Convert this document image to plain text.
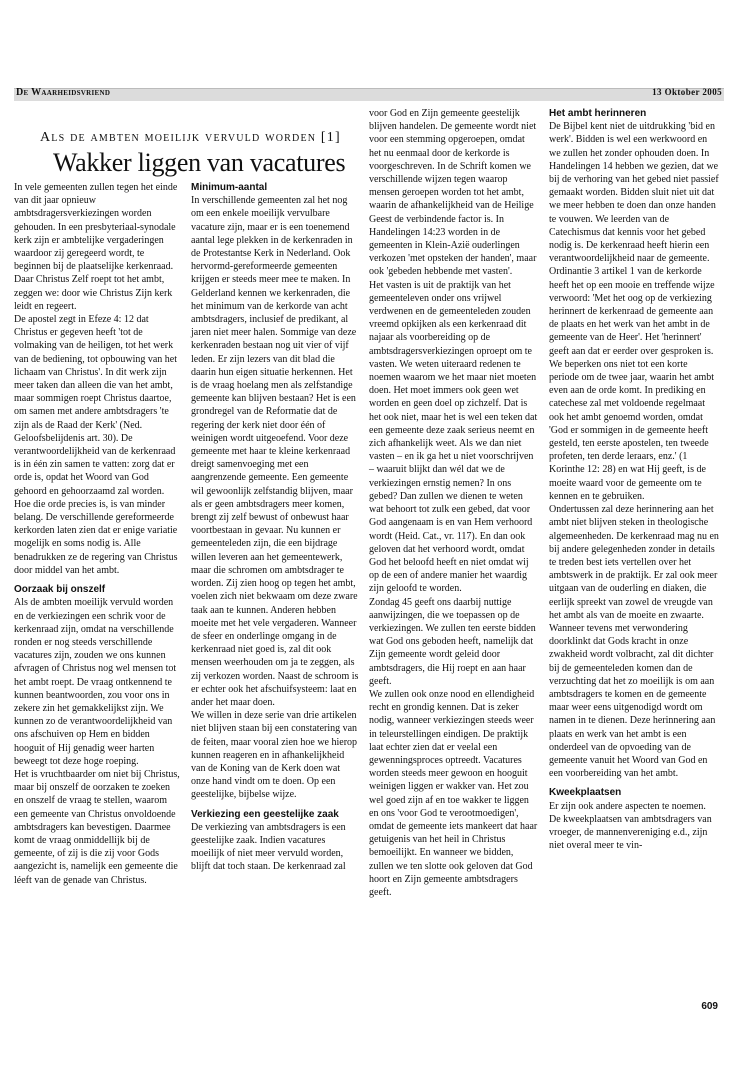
De Waarheidsvriend	13 Oktober 2005
Als de ambten moeilijk vervuld worden [1]
Wakker liggen van vacatures

In vele gemeenten zullen tegen het einde van dit jaar opnieuw ambtsdragersverkiezingen worden gehouden. In een presbyteriaal-synodale kerk zijn er ambtelijke vergaderingen waardoor zij geregeerd wordt, te beginnen bij de plaatselijke kerkenraad. Daar Christus Zelf roept tot het ambt, zeggen we: door wie Christus Zijn kerk leidt en regeert.

De apostel zegt in Efeze 4: 12 dat Christus er gegeven heeft 'tot de volmaking van de heiligen, tot het werk van de bediening, tot opbouwing van het lichaam van Christus'. In dit werk zijn meer taken dan alleen die van het ambt, maar sommigen roept Christus daartoe, om samen met andere ambtsdragers 'te zijn als de Raad der Kerk' (Ned. Geloofsbelijdenis art. 30). De verantwoordelijkheid van de kerkenraad is in één zin samen te vatten: zorg dat er orde is, opdat het Woord van God gehoord en gehoorzaamd zal worden. Hoe die orde precies is, is van minder belang. De verschillende gereformeerde kerkorden laten zien dat er enige variatie mogelijk en soms nodig is. Alle benadrukken ze de regering van Christus door middel van het ambt.

Oorzaak bij onszelf

Als de ambten moeilijk vervuld worden en de verkiezingen een schrik voor de kerkenraad zijn, omdat na verschillende ronden er nog steeds verschillende vacatures zijn, zouden we ons kunnen afvragen of Christus nog wel mensen tot het ambt roept. De vraag ontkennend te kunnen beantwoorden, zou voor ons in zekere zin het gemakkelijkst zijn. We kunnen zo de verantwoordelijkheid van ons afschuiven op Hem en bidden hooguit of Hij genadig weer harten beweegt tot deze hoge roeping.

Het is vruchtbaarder om niet bij Christus, maar bij onszelf de oorzaken te zoeken en onszelf de vraag te stellen, waarom een gemeente van Christus onvoldoende ambtsdragers kan bevestigen. Daarmee komt de vraag onmiddellijk bij de gemeente, of zij is die zij voor Gods aangezicht is, namelijk een gemeente die léeft van de genade van Christus.

Minimum-aantal

In verschillende gemeenten zal het nog om een enkele moeilijk vervulbare vacature zijn, maar er is een toenemend aantal lege plekken in de kerkenraden in de Protestantse Kerk in Nederland. Ook hervormd-gereformeerde gemeenten krijgen er steeds meer mee te maken. In Gelderland kennen we kerkenraden, die het minimum van de kerkorde van acht ambtsdragers, inclusief de predikant, al jaren niet meer halen. Sommige van deze kerkenraden bestaan nog uit vier of vijf leden. Er zijn lezers van dit blad die daarin hun eigen situatie herkennen. Het is de vraag hoelang men als zelfstandige gemeente kan blijven bestaan? Het is een grondregel van de Reformatie dat de regering der kerk niet door één of weinigen wordt uitgeoefend. Voor deze gemeente met haar te kleine kerkenraad dreigt samenvoeging met een aangrenzende gemeente. Een gemeente wil gewoonlijk zelfstandig blijven, maar als er geen ambtsdragers meer komen, brengt zij zelf bewust of onbewust haar voortbestaan in gevaar. Nu kunnen er gemeenteleden zijn, die een bijdrage willen leveren aan het gemeentewerk, maar die schromen om ambtsdrager te worden. Zij zien hoog op tegen het ambt, voelen zich niet bekwaam om deze zware taak aan te kunnen. Anderen hebben moeite met het vele vergaderen. Wanneer de sfeer en onderlinge omgang in de kerkenraad niet goed is, zal dit ook mensen weerhouden om ja te zeggen, als zij verkozen worden. Naast de schroom is er echter ook het afschuifsysteem: laat en ander het maar doen.

We willen in deze serie van drie artikelen niet blijven staan bij een constatering van de feiten, maar vooral zien hoe we hierop kunnen reageren en in afhankelijkheid van de Koning van de Kerk doen wat onze hand vindt om te doen. Op een geestelijke, bijbelse wijze.

Verkiezing een geestelijke zaak

De verkiezing van ambtsdragers is een geestelijke zaak. Indien vacatures moeilijk of niet meer vervuld worden, blijft dat toch staan. De kerkenraad zal

voor God en Zijn gemeente geestelijk blijven handelen. De gemeente wordt niet voor een stemming opgeroepen, omdat het nu eenmaal door de kerkorde is voorgeschreven. In de Schrift komen we verschillende wijzen tegen waarop mensen geroepen worden tot het ambt, waarin de afhankelijkheid van de Heilige Geest de verbindende factor is. In Handelingen 14:23 worden in de gemeenten in Klein-Azië ouderlingen verkozen 'met opsteken der handen', maar ook 'gebeden hebbende met vasten'.

Het vasten is uit de praktijk van het gemeenteleven onder ons vrijwel verdwenen en de gemeenteleden zouden vreemd opkijken als een kerkenraad dit najaar als voorbereiding op de ambtsdragersverkiezingen oproept om te vasten. We weten uiteraard redenen te noemen waarom we het maar niet moeten doen. Het moet immers ook geen wet worden en geen doel op zichzelf. Dat is het ook niet, maar het is wel een teken dat een gemeente deze zaak serieus neemt en zich afhankelijk weet. Als we dan niet vasten – en ik ga het u niet voorschrijven – waaruit blijkt dan wél dat we de verkiezingen ernstig nemen? In ons gebed? Dan zullen we dienen te weten wat behoort tot zulk een gebed, dat voor God aangenaam is en van Hem verhoord wordt (Heid. Cat., vr. 117). En dan ook geloven dat het verhoord wordt, omdat God het beloofd heeft en niet omdat wij op de een of andere manier het waardig zijn geloofd te worden.

Zondag 45 geeft ons daarbij nuttige aanwijzingen, die we toepassen op de verkiezingen. We zullen ten eerste bidden wat God ons geboden heeft, namelijk dat Zijn gemeente wordt geleid door ambtsdragers, die Hij roept en aan haar geeft.

We zullen ook onze nood en ellendigheid recht en grondig kennen. Dat is zeker nodig, wanneer verkiezingen steeds weer in teleurstellingen eindigen. De praktijk laat echter zien dat er veelal een gewenningsproces optreedt. Vacatures worden steeds meer gewoon en hooguit weinigen liggen er wakker van. Het zou wel goed zijn af en toe wakker te liggen en ons 'voor God te verootmoedigen', omdat de gemeente iets mankeert dat haar getuigenis van het heil in Christus bemoeilijkt. En wanneer we bidden, zullen we ten slotte ook geloven dat God hoort en Zijn gemeente ambtsdragers geeft.

Het ambt herinneren

De Bijbel kent niet de uitdrukking 'bid en werk'. Bidden is wel een werkwoord en we zullen het zonder ophouden doen. In Handelingen 14 hebben we gezien, dat we bij de verhoring van het gebed niet passief gemaakt worden. Bidden sluit niet uit dat we meer hebben te doen dan onze handen te vouwen. We leerden van de Catechismus dat kennis voor het gebed nodig is. De kerkenraad heeft hierin een verantwoordelijkheid naar de gemeente. Ordinantie 3 artikel 1 van de kerkorde heeft het op een mooie en treffende wijze verwoord: 'Met het oog op de verkiezing herinnert de kerkenraad de gemeente aan de plaats en het werk van het ambt in de gemeente van de Heer'. Het 'herinnert' geeft aan dat er eerder over gesproken is. We beperken ons niet tot een korte periode om de twee jaar, waarin het ambt even aan de orde komt. In prediking en catechese zal met voldoende regelmaat ook het ambt genoemd worden, omdat 'God er sommigen in de gemeente heeft gesteld, ten eerste apostelen, ten tweede profeten, ten derde leraars, enz.' (1 Korinthe 12: 28) en wat Hij geeft, is de moeite waard voor de gemeente om te kennen en te gebruiken.

Ondertussen zal deze herinnering aan het ambt niet blijven steken in theologische algemeenheden. De kerkenraad mag nu en bij andere gelegenheden zonder in details te treden best iets vertellen over het ambtswerk in de praktijk. Er zal ook meer uitgaan van de ouderling en diaken, die eerlijk spreekt van zowel de vreugde van het ambt als van de moeite en zwaarte. Wanneer tevens met verwondering doorklinkt dat Gods kracht in onze zwakheid wordt volbracht, zal dit dichter bij de gemeenteleden komen dan de verzuchting dat het zo moeilijk is om aan ambtsdragers te komen en de gemeente maar weer eens uitgenodigd wordt om namen in te dienen. Deze herinnering aan plaats en werk van het ambt is een onderdeel van de opvoeding van de gemeente vanuit het Woord van God en een voorbereiding van het ambt.

Kweekplaatsen

Er zijn ook andere aspecten te noemen. De kweekplaatsen van ambtsdragers van vroeger, de mannenvereniging e.d., zijn niet overal meer te vin-

609
